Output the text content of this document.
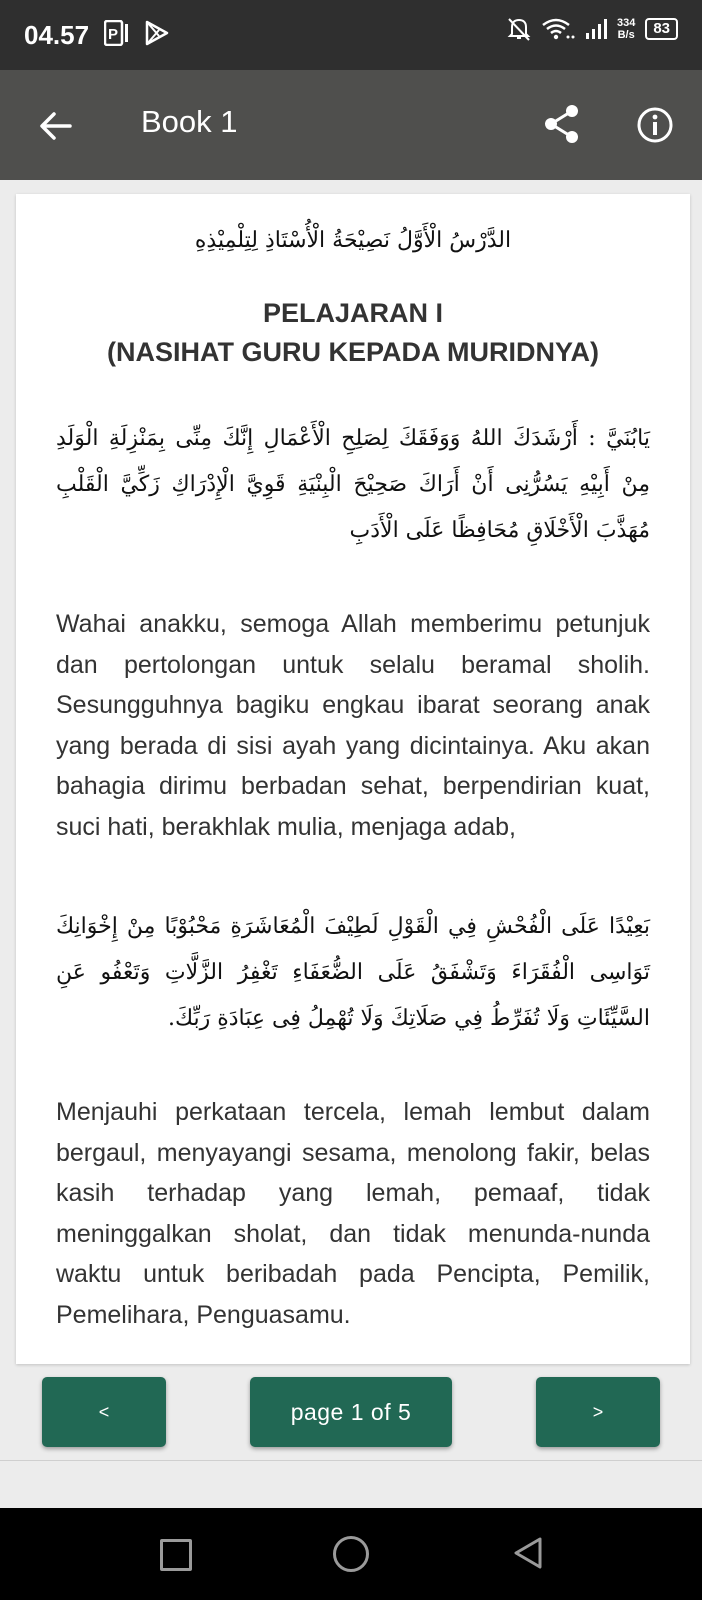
04.57 P
334
B/s	83
Book 1
الدَّرْسُ الْأَوَّلُ نَصِيْحَةُ الْأُسْتَاذِ لِتِلْمِيْذِهِ
PELAJARAN I
(NASIHAT GURU KEPADA MURIDNYA)
يَابُنَيَّ : أَرْشَدَكَ اللهُ وَوَفَقَكَ لِصَلِحِ الْأَعْمَالِ إِنَّكَ مِنِّى بِمَنْزِلَةِ الْوَلَدِ مِنْ أَبِيْهِ يَسُرُّنِى أَنْ أَرَاكَ صَحِيْحَ الْبِنْيَةِ قَوِيَّ الْإِدْرَاكِ زَكِّيَّ الْقَلْبِ مُهَذَّبَ الْأَخْلَاقِ مُحَافِظًا عَلَى الْأَدَبِ
Wahai anakku, semoga Allah memberimu petunjuk dan pertolongan untuk selalu beramal sholih. Sesungguhnya bagiku engkau ibarat seorang anak yang berada di sisi ayah yang dicintainya. Aku akan bahagia dirimu berbadan sehat, berpendirian kuat, suci hati, berakhlak mulia, menjaga adab,
بَعِيْدًا عَلَى الْفُحْشِ فِي الْقَوْلِ لَطِيْفَ الْمُعَاشَرَةِ مَحْبُوْبًا مِنْ إِخْوَانِكَ تَوَاسِى الْفُقَرَاءَ وَتَشْفَقُ عَلَى الضُّعَفَاءِ تَغْفِرُ الزَّلَّاتِ وَتَعْفُو عَنِ السَّيِّئَاتِ وَلَا تُفَرِّطُ فِي صَلَاتِكَ وَلَا تُهْمِلُ فِى عِبَادَةِ رَبِّكَ.
Menjauhi perkataan tercela, lemah lembut dalam bergaul, menyayangi sesama, menolong fakir, belas kasih terhadap yang lemah, pemaaf, tidak meninggalkan sholat, dan tidak menunda-nunda waktu untuk beribadah pada Pencipta, Pemilik, Pemelihara, Penguasamu.
<	page 1 of 5	>
